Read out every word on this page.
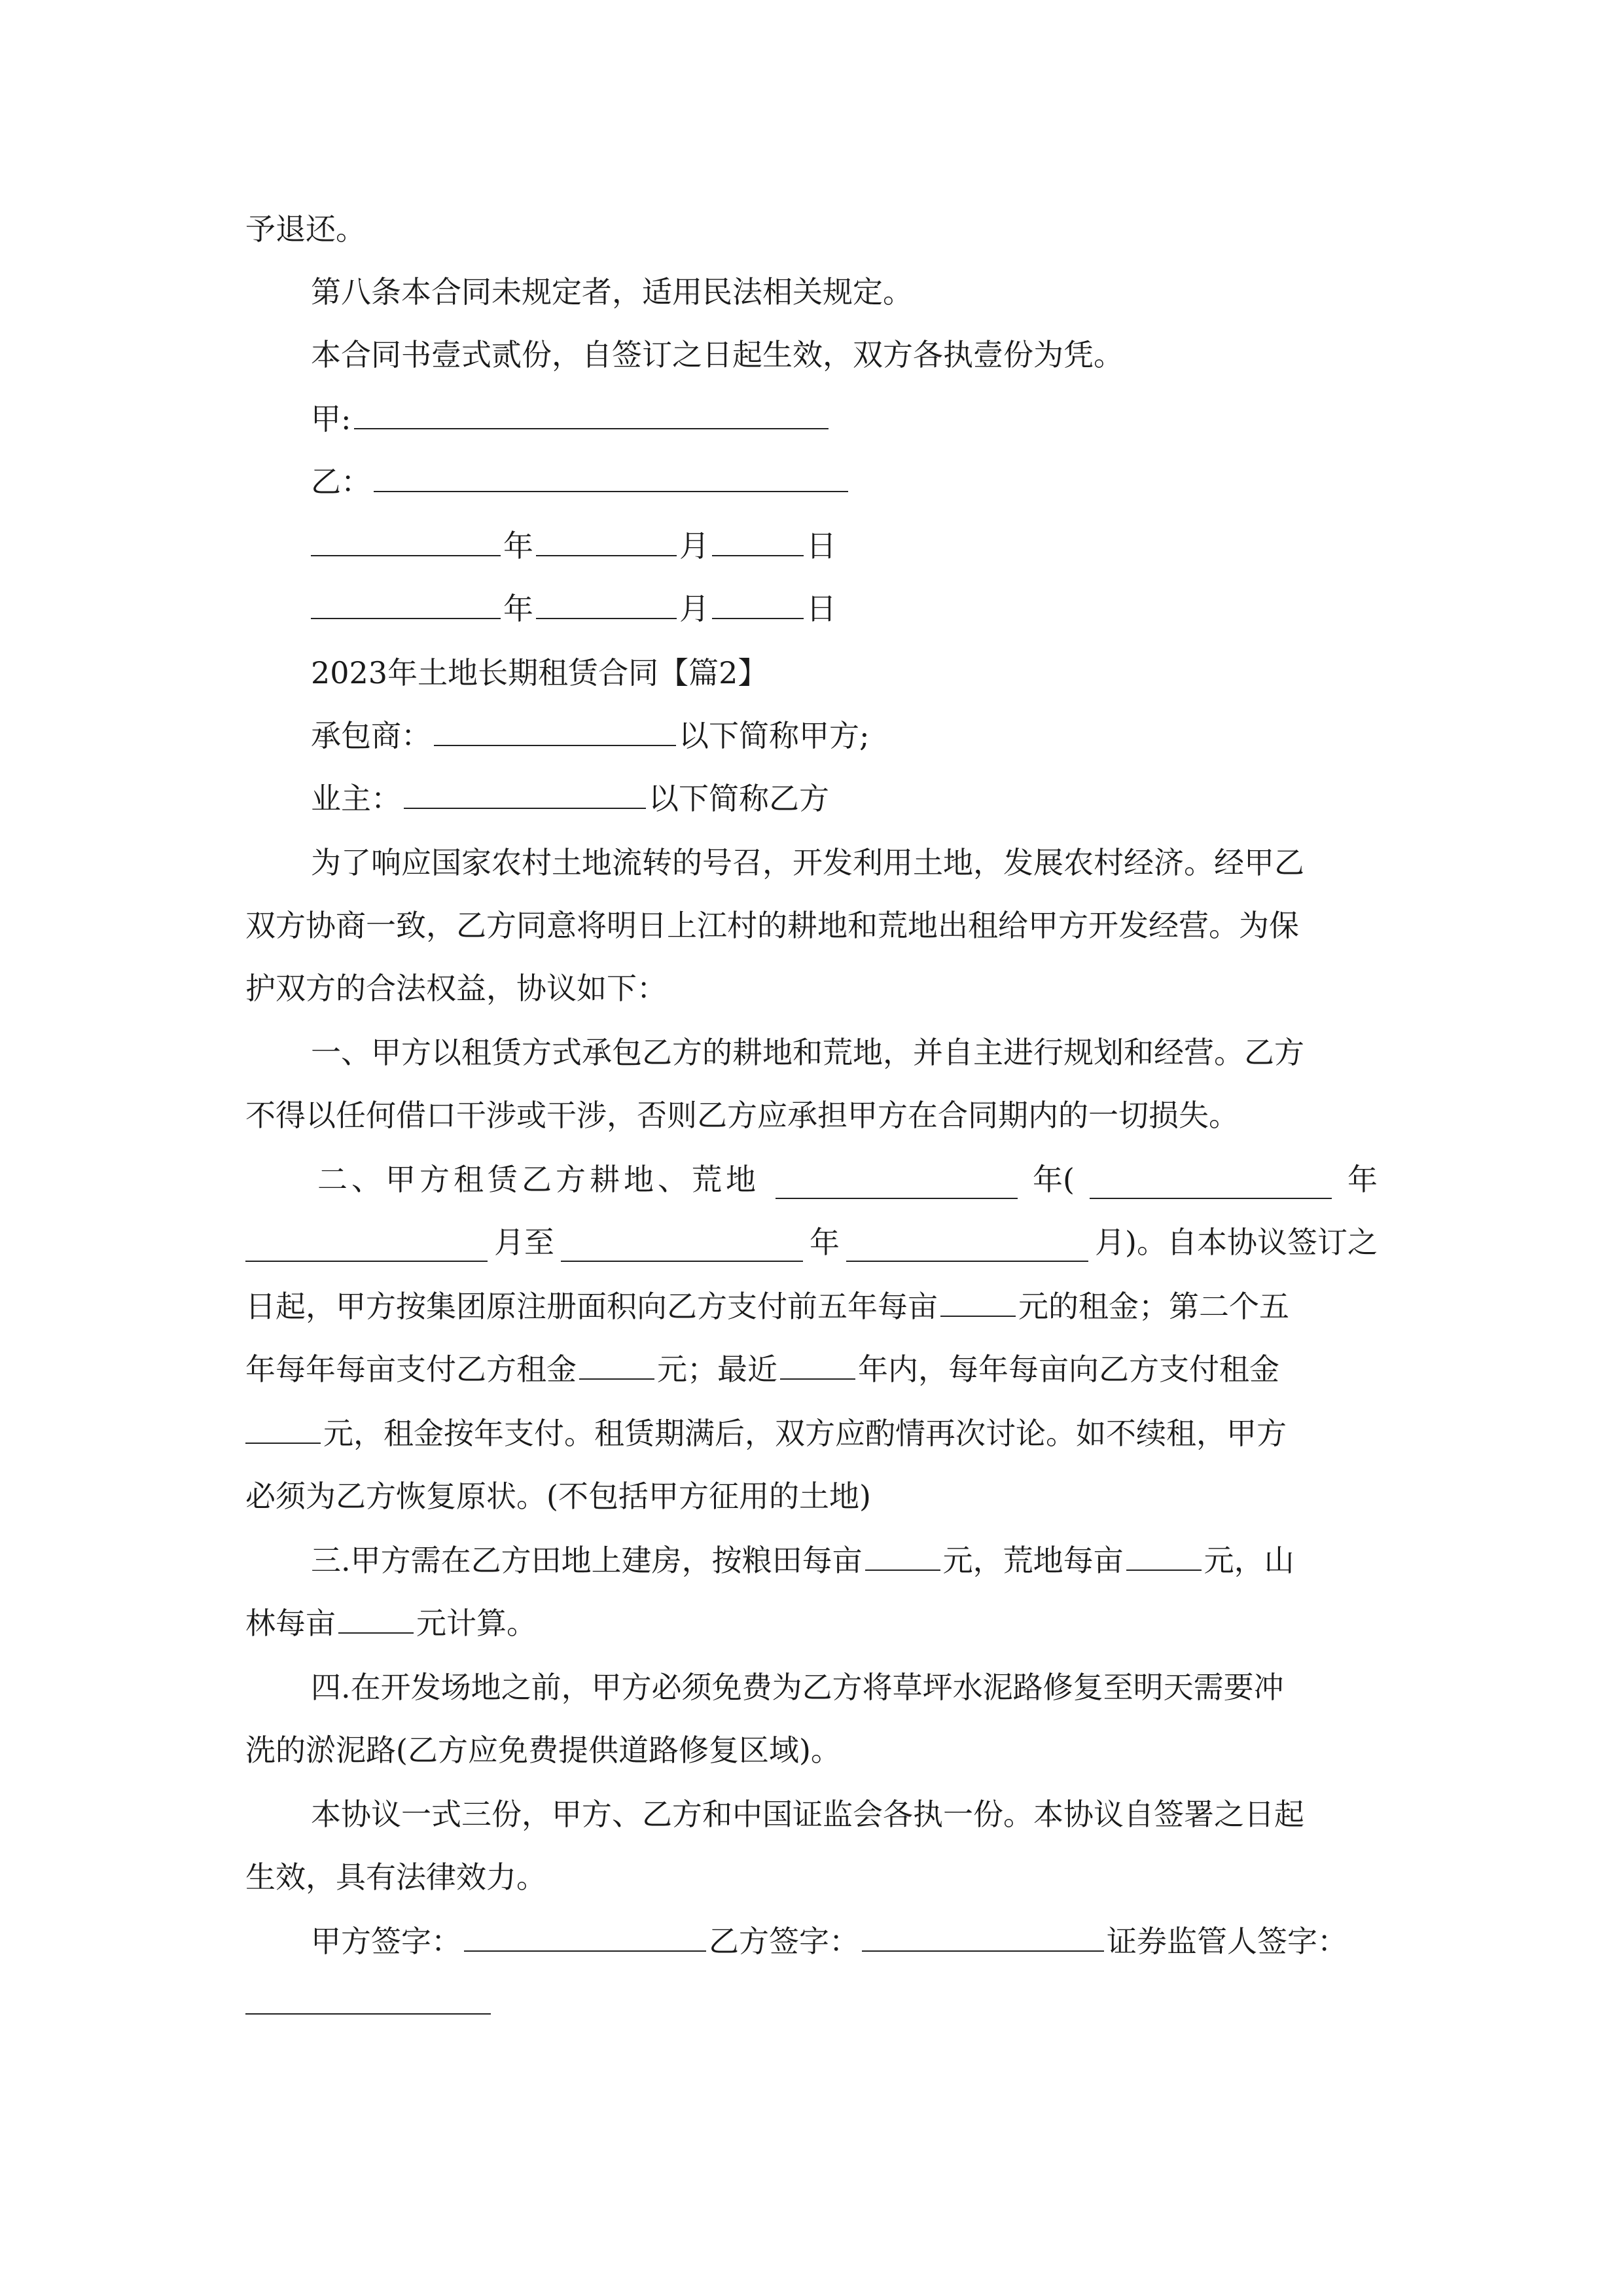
予退还。
第八条本合同未规定者，适用民法相关规定。
本合同书壹式贰份，自签订之日起生效，双方各执壹份为凭。
甲:
乙：
年	月	日
年	月	日
2023年土地长期租赁合同【篇2】
承包商：	以下简称甲方;
业主：	以下简称乙方
为了响应国家农村土地流转的号召，开发利用土地，发展农村经济。经甲乙
双方协商一致，乙方同意将明日上江村的耕地和荒地出租给甲方开发经营。为保
护双方的合法权益，协议如下：
一、甲方以租赁方式承包乙方的耕地和荒地，并自主进行规划和经营。乙方
不得以任何借口干涉或干涉，否则乙方应承担甲方在合同期内的一切损失。
二、甲方租赁乙方耕地、荒地	年(	年
月至	年	月)。自本协议签订之
日起，甲方按集团原注册面积向乙方支付前五年每亩	元的租金；第二个五
年每年每亩支付乙方租金	元；最近	年内，每年每亩向乙方支付租金
元，租金按年支付。租赁期满后，双方应酌情再次讨论。如不续租，甲方
必须为乙方恢复原状。(不包括甲方征用的土地)
三.甲方需在乙方田地上建房，按粮田每亩	元，荒地每亩	元，山
林每亩	元计算。
四.在开发场地之前，甲方必须免费为乙方将草坪水泥路修复至明天需要冲
洗的淤泥路(乙方应免费提供道路修复区域)。
本协议一式三份，甲方、乙方和中国证监会各执一份。本协议自签署之日起
生效，具有法律效力。
甲方签字：	乙方签字：	证券监管人签字：
